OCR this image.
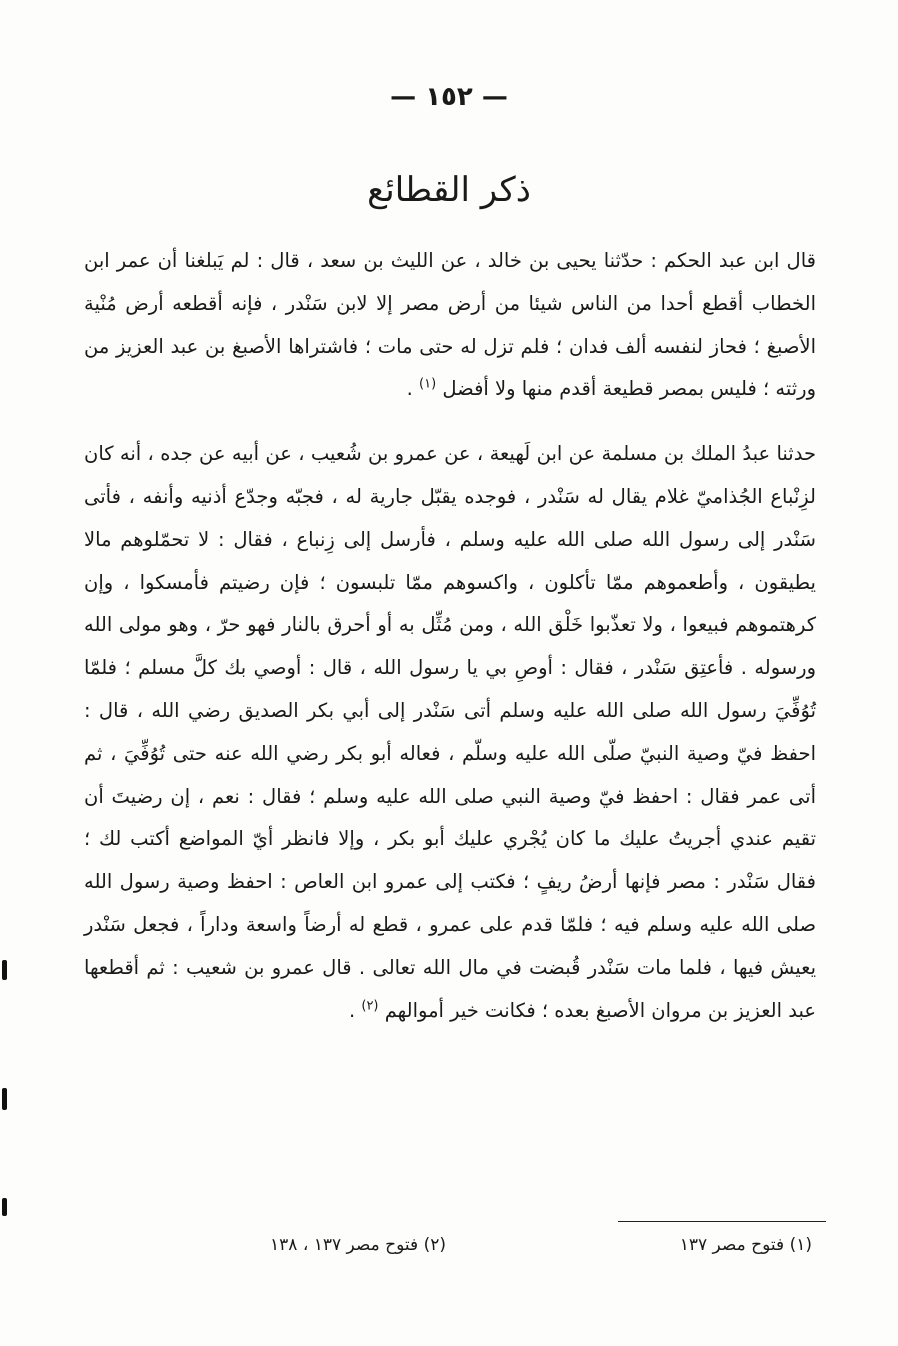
— ١٥٢ —
ذكر القطائع

قال ابن عبد الحكم : حدّثنا يحيى بن خالد ، عن الليث بن سعد ، قال : لم يَبلغنا أن عمر ابن الخطاب أقطع أحدا من الناس شيئا من أرض مصر إلا لابن سَنْدر ، فإنه أقطعه أرض مُنْية الأصبغ ؛ فحاز لنفسه ألف فدان ؛ فلم تزل له حتى مات ؛ فاشتراها الأصبغ بن عبد العزيز من ورثته ؛ فليس بمصر قطيعة أقدم منها ولا أفضل $^{(١)}$ .

حدثنا عبدُ الملك بن مسلمة عن ابن لَهيعة ، عن عمرو بن شُعيب ، عن أبيه عن جده ، أنه كان لزِنْباع الجُذاميّ غلام يقال له سَنْدر ، فوجده يقبّل جارية له ، فجبّه وجدّع أذنيه وأنفه ، فأتى سَنْدر إلى رسول الله صلى الله عليه وسلم ، فأرسل إلى زِنباع ، فقال : لا تحمّلوهم مالا يطيقون ، وأطعموهم ممّا تأكلون ، واكسوهم ممّا تلبسون ؛ فإن رضيتم فأمسكوا ، وإن كرهتموهم فبيعوا ، ولا تعذّبوا خَلْق الله ، ومن مُثِّل به أو أحرق بالنار فهو حرّ ، وهو مولى الله ورسوله . فأعتِق سَنْدر ، فقال : أوصِ بي يا رسول الله ، قال : أوصي بك كلَّ مسلم ؛ فلمّا تُوُفِّيَ رسول الله صلى الله عليه وسلم أتى سَنْدر إلى أبي بكر الصديق رضي الله ، قال : احفظ فيّ وصية النبيّ صلّى الله عليه وسلّم ، فعاله أبو بكر رضي الله عنه حتى تُوُفِّيَ ، ثم أتى عمر فقال : احفظ فيّ وصية النبي صلى الله عليه وسلم ؛ فقال : نعم ، إن رضيتَ أن تقيم عندي أجريتُ عليك ما كان يُجْري عليك أبو بكر ، وإلا فانظر أيّ المواضع أكتب لك ؛ فقال سَنْدر : مصر فإنها أرضُ ريفٍ ؛ فكتب إلى عمرو ابن العاص : احفظ وصية رسول الله صلى الله عليه وسلم فيه ؛ فلمّا قدم على عمرو ، قطع له أرضاً واسعة وداراً ، فجعل سَنْدر يعيش فيها ، فلما مات سَنْدر قُبضت في مال الله تعالى . قال عمرو بن شعيب : ثم أقطعها عبد العزيز بن مروان الأصبغ بعده ؛ فكانت خير أموالهم $^{(٢)}$ .

(١) فتوح مصر ١٣٧
(٢) فتوح مصر ١٣٧ ، ١٣٨
